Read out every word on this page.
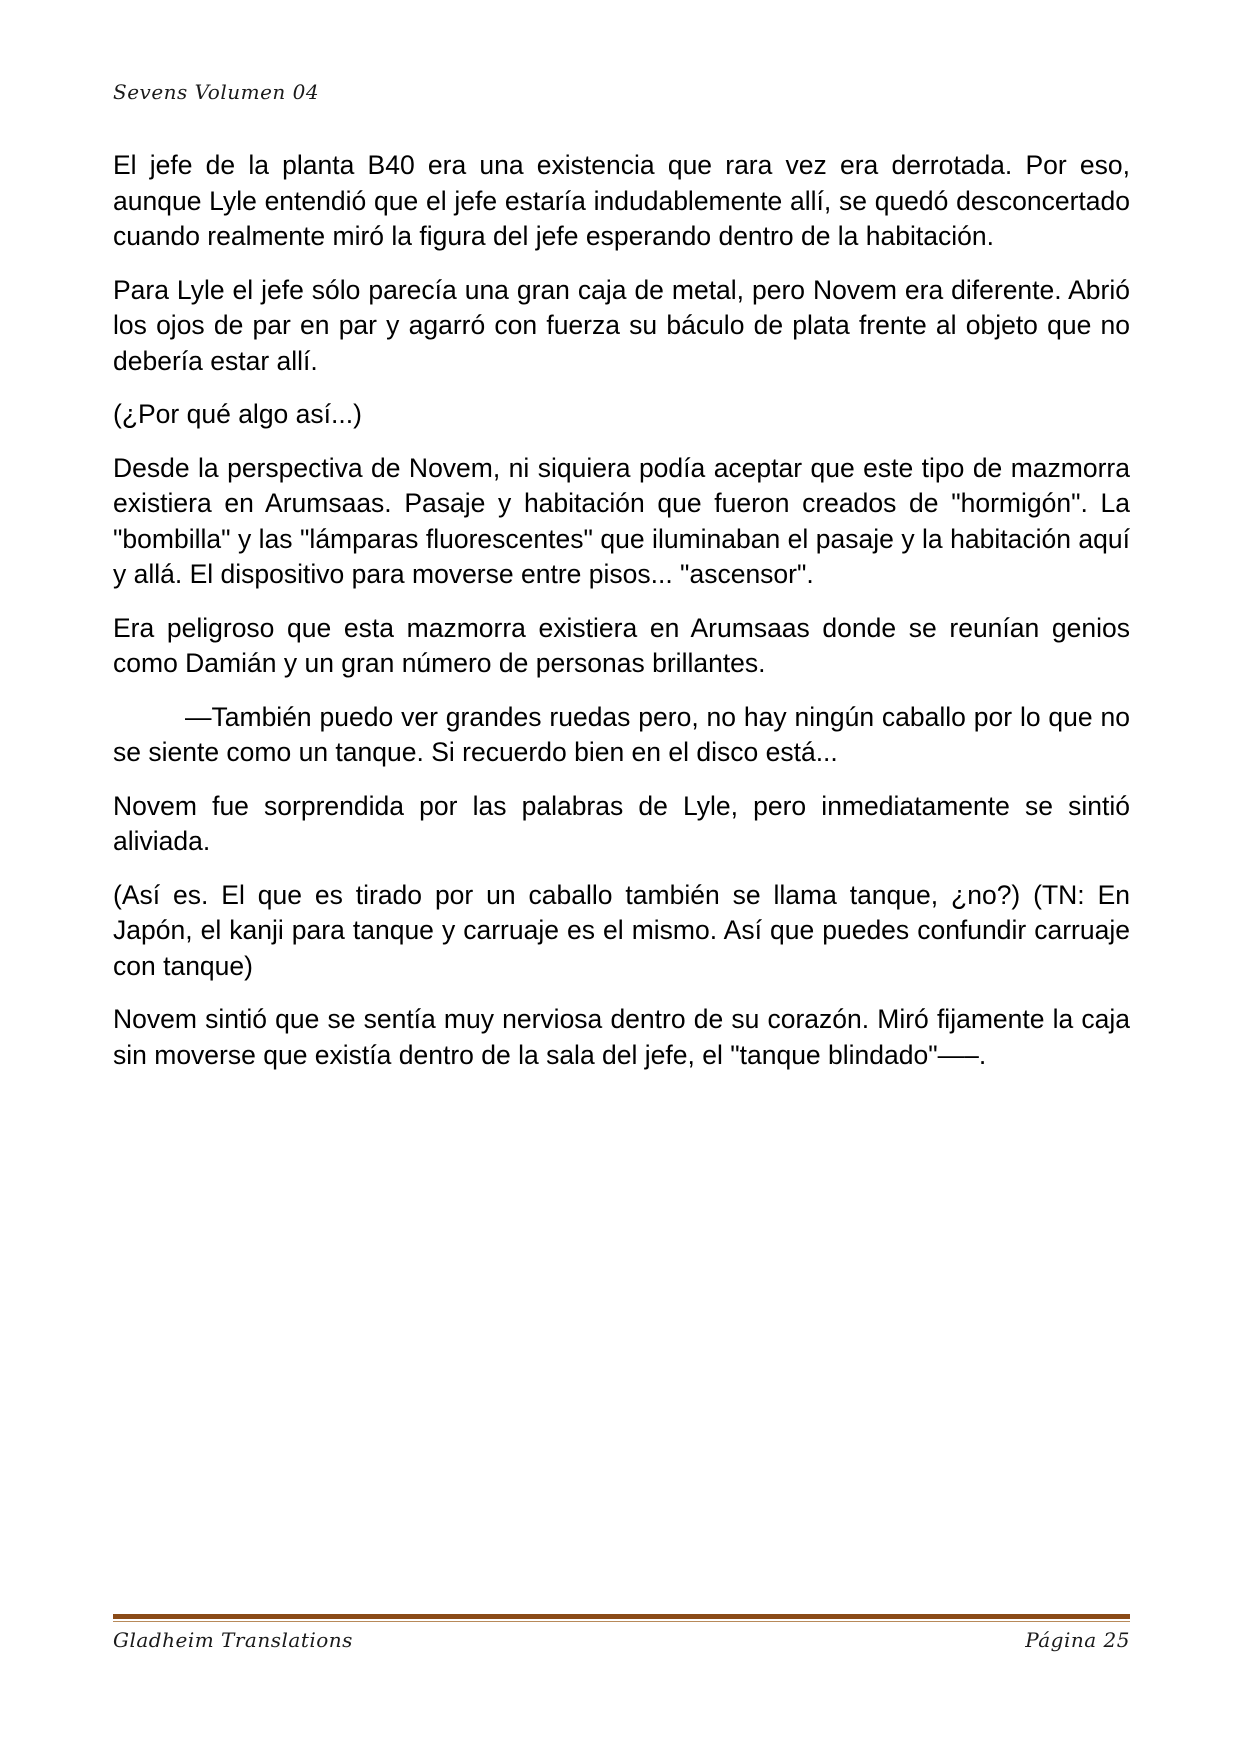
Sevens Volumen 04

El jefe de la planta B40 era una existencia que rara vez era derrotada. Por eso, aunque Lyle entendió que el jefe estaría indudablemente allí, se quedó desconcertado cuando realmente miró la figura del jefe esperando dentro de la habitación.

Para Lyle el jefe sólo parecía una gran caja de metal, pero Novem era diferente. Abrió los ojos de par en par y agarró con fuerza su báculo de plata frente al objeto que no debería estar allí.

(¿Por qué algo así...)

Desde la perspectiva de Novem, ni siquiera podía aceptar que este tipo de mazmorra existiera en Arumsaas. Pasaje y habitación que fueron creados de "hormigón". La "bombilla" y las "lámparas fluorescentes" que iluminaban el pasaje y la habitación aquí y allá. El dispositivo para moverse entre pisos... "ascensor".

Era peligroso que esta mazmorra existiera en Arumsaas donde se reunían genios como Damián y un gran número de personas brillantes.

—También puedo ver grandes ruedas pero, no hay ningún caballo por lo que no se siente como un tanque. Si recuerdo bien en el disco está...

Novem fue sorprendida por las palabras de Lyle, pero inmediatamente se sintió aliviada.

(Así es. El que es tirado por un caballo también se llama tanque, ¿no?) (TN: En Japón, el kanji para tanque y carruaje es el mismo. Así que puedes confundir carruaje con tanque)

Novem sintió que se sentía muy nerviosa dentro de su corazón. Miró fijamente la caja sin moverse que existía dentro de la sala del jefe, el "tanque blindado"—–.

Gladheim Translations	Página 25
